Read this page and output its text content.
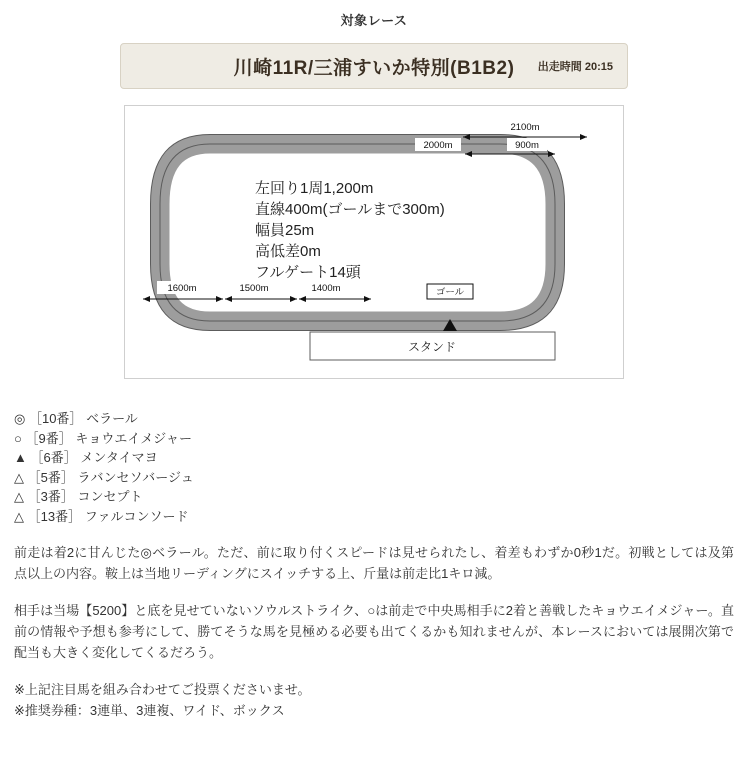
対象レース
川崎11R/三浦すいか特別(B1B2) 出走時間 20:15
2100m
2000m	900m
1600m	1500m	1400m	ゴール
スタンド
左回り1周1,200m
直線400m(ゴールまで300m)
幅員25m
高低差0m
フルゲート14頭
◎ ［10番］ ベラール
○ ［9番］ キョウエイメジャー
▲ ［6番］ メンタイマヨ
△ ［5番］ ラバンセソバージュ
△ ［3番］ コンセプト
△ ［13番］ ファルコンソード
前走は着2に甘んじた◎ベラール。ただ、前に取り付くスピードは見せられたし、着差もわずか0秒1だ。初戦としては及第点以上の内容。鞍上は当地リーディングにスイッチする上、斤量は前走比1キロ減。
相手は当場【5200】と底を見せていないソウルストライク、○は前走で中央馬相手に2着と善戦したキョウエイメジャー。直前の情報や予想も参考にして、勝てそうな馬を見極める必要も出てくるかも知れませんが、本レースにおいては展開次第で配当も大きく変化してくるだろう。
※上記注目馬を組み合わせてご投票くださいませ。
※推奨券種：3連単、3連複、ワイド、ボックス
